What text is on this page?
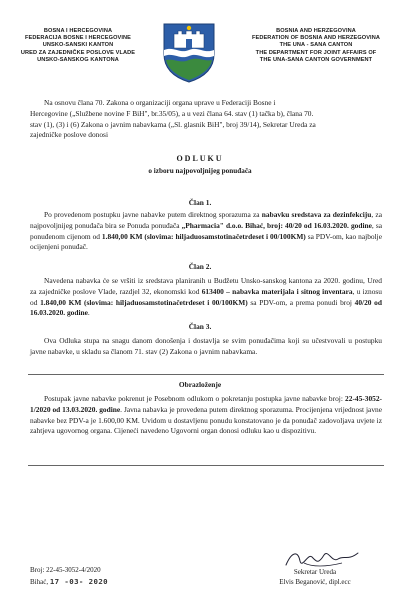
BOSNA I HERCEGOVINA
FEDERACIJA BOSNE I HERCEGOVINE
UNSKO-SANSKI KANTON
URED ZA ZAJEDNIČKE POSLOVE VLADE
UNSKO-SANSKOG KANTONA
BOSNIA AND HERZEGOVINA
FEDERATION OF BOSNIA AND HERZEGOVINA
THE UNA - SANA CANTON
THE DEPARTMENT FOR JOINT AFFAIRS OF
THE UNA-SANA CANTON GOVERNMENT
Na osnovu člana 70. Zakona o organizaciji organa uprave u Federaciji Bosne i
Hercegovine („Službene novine F BiH", br.35/05), a u vezi člana 64. stav (1) tačka b), člana 70.
stav (1), (3) i (6) Zakona o javnim nabavkama („Sl. glasnik BiH", broj 39/14), Sekretar Ureda za
zajedničke poslove donosi
ODLUKU
o izboru najpovoljnijeg ponuđača
Član 1.
Po provedenom postupku javne nabavke putem direktnog sporazuma za nabavku sredstava za dezinfekciju, za najpovoljnijeg ponuđača bira se Ponuda ponuđača „Pharmacia" d.o.o. Bihać, broj: 40/20 od 16.03.2020. godine, sa ponuđenom cijenom od 1.840,00 KM (slovima: hiljaduosamstotinačetrdeset i 00/100KM) sa PDV-om, kao najbolje ocijenjeni ponuđač.
Član 2.
Navedena nabavka će se vršiti iz sredstava planiranih u Budžetu Unsko-sanskog kantona za 2020. godinu, Ured za zajedničke poslove Vlade, razdjel 32, ekonomski kod 613400 – nabavka materijala i sitnog inventara, u iznosu od 1.840,00 KM (slovima: hiljaduosamstotinačetrdeset i 00/100KM) sa PDV-om, a prema ponudi broj 40/20 od 16.03.2020. godine.
Član 3.
Ova Odluka stupa na snagu danom donošenja i dostavlja se svim ponuđačima koji su učestvovali u postupku javne nabavke, u skladu sa članom 71. stav (2) Zakona o javnim nabavkama.
Obrazloženje
Postupak javne nabavke pokrenut je Posebnom odlukom o pokretanju postupka javne nabavke broj: 22-45-3052-1/2020 od 13.03.2020. godine. Javna nabavka je provedena putem direktnog sporazuma. Procijenjena vrijednost javne nabavke bez PDV-a je 1.600,00 KM. Uvidom u dostavljenu ponudu konstatovano je da ponuđač zadovoljava uvjete iz zahtjeva ugovornog organa. Cijeneći navedeno Ugovorni organ donosi odluku kao u dispozitivu.
Broj: 22-45-3052-4/2020
Bihać, 17 -03- 2020
Sekretar Ureda
Elvis Beganović, dipl.ecc
